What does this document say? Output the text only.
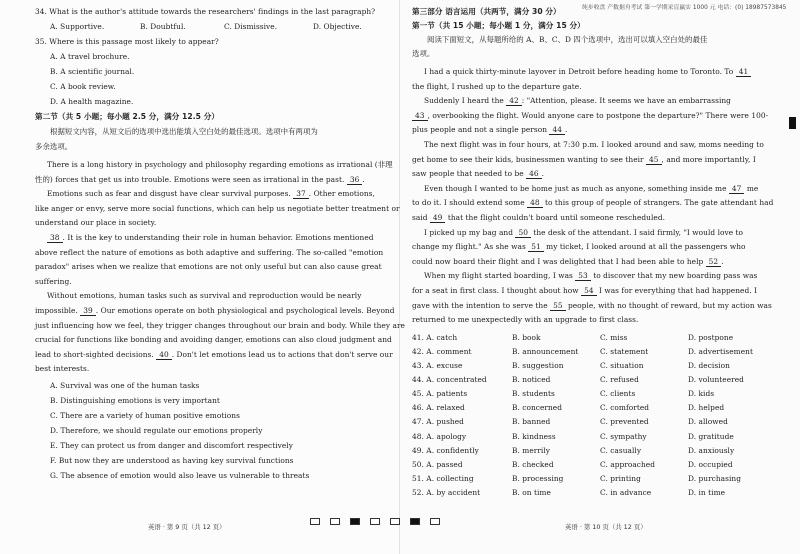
纯步收盘 产数据舟考试 第一学期采盲赢实 1000 元 电话：(0) 18987573845
34. What is the author's attitude towards the researchers' findings in the last paragraph?
A. Supportive.	B. Doubtful.	C. Dismissive.	D. Objective.
35. Where is this passage most likely to appear?
A. A travel brochure.
B. A scientific journal.
C. A book review.
D. A health magazine.
第二节（共 5 小题；每小题 2.5 分，满分 12.5 分）
根据短文内容，从短文后的选项中选出能填入空白处的最佳选项。选项中有两项为
多余选项。
There is a long history in psychology and philosophy regarding emotions as irrational (非理
性的) forces that get us into trouble. Emotions were seen as irrational in the past. 36 .
Emotions such as fear and disgust have clear survival purposes. 37 . Other emotions,
like anger or envy, serve more social functions, which can help us negotiate better treatment or
understand our place in society.
38 . It is the key to understanding their role in human behavior. Emotions mentioned
above reflect the nature of emotions as both adaptive and suffering. The so-called "emotion
paradox" arises when we realize that emotions are not only useful but can also cause great
suffering.
Without emotions, human tasks such as survival and reproduction would be nearly
impossible. 39 . Our emotions operate on both physiological and psychological levels. Beyond
just influencing how we feel, they trigger changes throughout our brain and body. While they are
crucial for functions like bonding and avoiding danger, emotions can also cloud judgment and
lead to short-sighted decisions. 40 . Don't let emotions lead us to actions that don't serve our
best interests.
A. Survival was one of the human tasks
B. Distinguishing emotions is very important
C. There are a variety of human positive emotions
D. Therefore, we should regulate our emotions properly
E. They can protect us from danger and discomfort respectively
F. But now they are understood as having key survival functions
G. The absence of emotion would also leave us vulnerable to threats
第三部分 语言运用（共两节，满分 30 分）
第一节（共 15 小题；每小题 1 分，满分 15 分）
阅读下面短文，从每题所给的 A、B、C、D 四个选项中，选出可以填入空白处的最佳
选项。
I had a quick thirty-minute layover in Detroit before heading home to Toronto. To 41
the flight, I rushed up to the departure gate.
Suddenly I heard the 42 : "Attention, please. It seems we have an embarrassing
43 , overbooking the flight. Would anyone care to postpone the departure?" There were 100-
plus people and not a single person 44 .
The next flight was in four hours, at 7:30 p.m. I looked around and saw, moms needing to
get home to see their kids, businessmen wanting to see their 45 , and more importantly, I
saw people that needed to be 46 .
Even though I wanted to be home just as much as anyone, something inside me 47 me
to do it. I should extend some 48 to this group of people of strangers. The gate attendant had
said 49 that the flight couldn't board until someone rescheduled.
I picked up my bag and 50 the desk of the attendant. I said firmly, "I would love to
change my flight." As she was 51 my ticket, I looked around at all the passengers who
could now board their flight and I was delighted that I had been able to help 52 .
When my flight started boarding, I was 53 to discover that my new boarding pass was
for a seat in first class. I thought about how 54 I was for everything that had happened. I
gave with the intention to serve the 55 people, with no thought of reward, but my action was
returned to me unexpectedly with an upgrade to first class.
41. A. catch	B. book	C. miss	D. postpone
42. A. comment	B. announcement	C. statement	D. advertisement
43. A. excuse	B. suggestion	C. situation	D. decision
44. A. concentrated	B. noticed	C. refused	D. volunteered
45. A. patients	B. students	C. clients	D. kids
46. A. relaxed	B. concerned	C. comforted	D. helped
47. A. pushed	B. banned	C. prevented	D. allowed
48. A. apology	B. kindness	C. sympathy	D. gratitude
49. A. confidently	B. merrily	C. casually	D. anxiously
50. A. passed	B. checked	C. approached	D. occupied
51. A. collecting	B. processing	C. printing	D. purchasing
52. A. by accident	B. on time	C. in advance	D. in time
英语 · 第 9 页（共 12 页）	英语 · 第 10 页（共 12 页）
